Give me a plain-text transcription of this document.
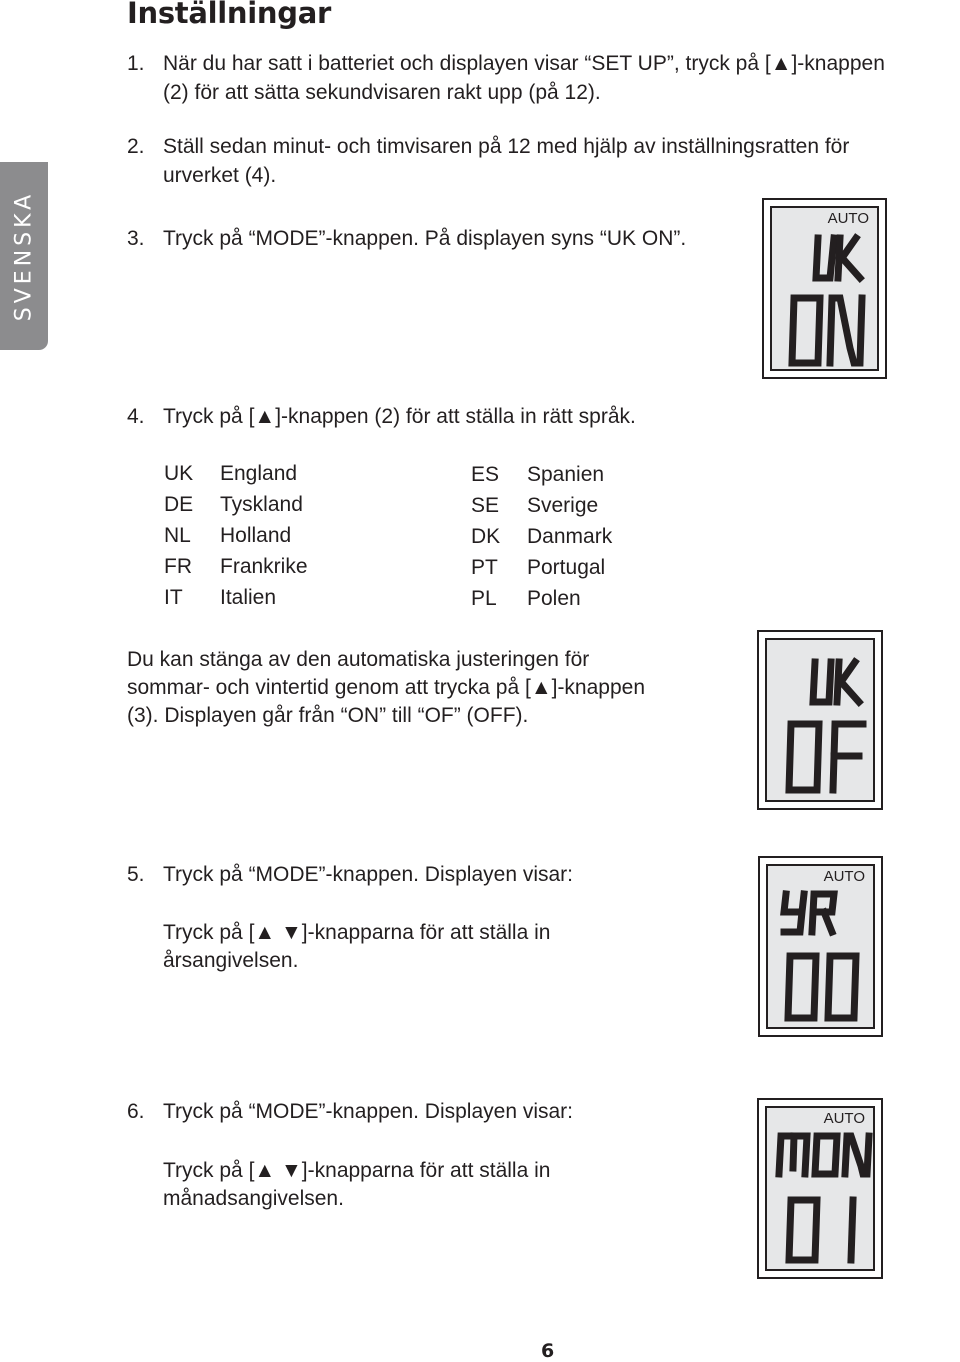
Inställningar
SVENSKA
1. När du har satt i batteriet och displayen visar “SET UP”, tryck på [▲]-knappen
(2) för att sätta sekundvisaren rakt upp (på 12).
2. Ställ sedan minut- och timvisaren på 12 med hjälp av inställningsratten för
urverket (4).
3. Tryck på “MODE”-knappen. På displayen syns “UK ON”.
AUTO
4. Tryck på [▲]-knappen (2) för att ställa in rätt språk.
UK England
DE Tyskland
NL Holland
FR Frankrike
IT Italien
ES Spanien
SE Sverige
DK Danmark
PT Portugal
PL Polen
Du kan stänga av den automatiska justeringen för
sommar- och vintertid genom att trycka på [▲]-knappen
(3). Displayen går från “ON” till “OF” (OFF).
5. Tryck på “MODE”-knappen. Displayen visar:
Tryck på [▲ ▼]-knapparna för att ställa in
årsangivelsen.
AUTO
6. Tryck på “MODE”-knappen. Displayen visar:
Tryck på [▲ ▼]-knapparna för att ställa in
månadsangivelsen.
AUTO
6
